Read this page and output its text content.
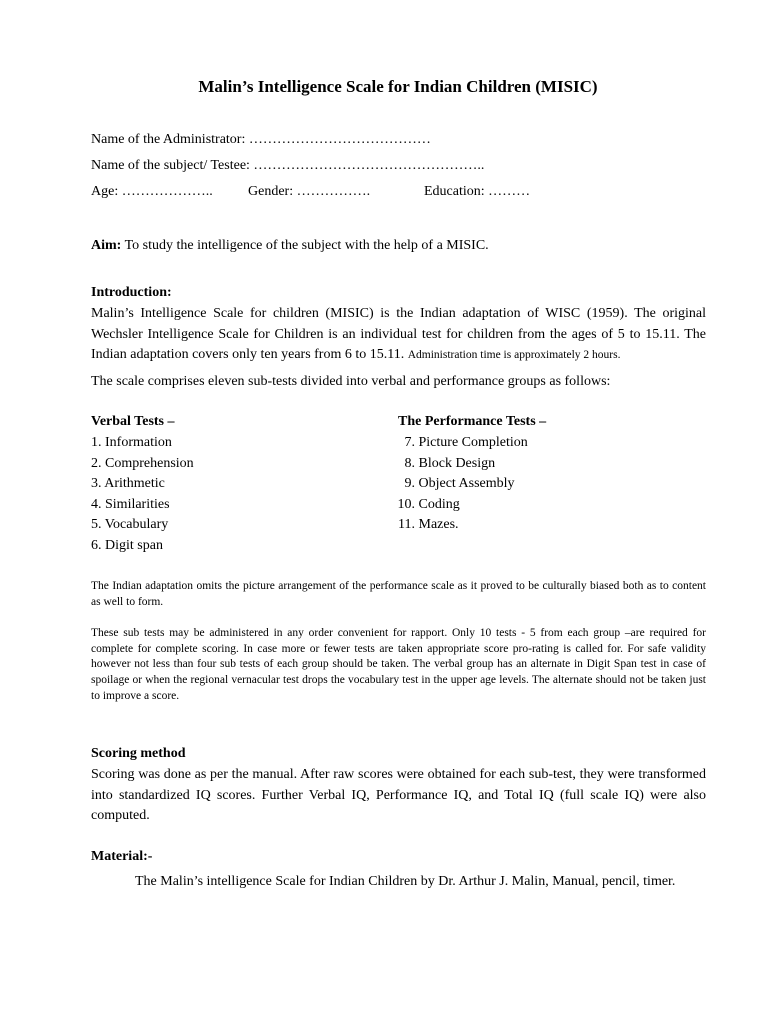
Malin’s Intelligence Scale for Indian Children (MISIC)
Name of the Administrator: …………………………………
Name of the subject/ Testee: …………………………………………..
Age: ………………..	Gender: …………….	Education: ………
Aim: To study the intelligence of the subject with the help of a MISIC.
Introduction:
Malin’s Intelligence Scale for children (MISIC) is the Indian adaptation of WISC (1959). The original Wechsler Intelligence Scale for Children is an individual test for children from the ages of 5 to 15.11. The Indian adaptation covers only ten years from 6 to 15.11. Administration time is approximately 2 hours.
The scale comprises eleven sub-tests divided into verbal and performance groups as follows:
Verbal Tests –
1. Information
2. Comprehension
3. Arithmetic
4. Similarities
5. Vocabulary
6. Digit span
The Performance Tests –
7. Picture Completion
8. Block Design
9. Object Assembly
10. Coding
11. Mazes.
The Indian adaptation omits the picture arrangement of the performance scale as it proved to be culturally biased both as to content as well to form.
These sub tests may be administered in any order convenient for rapport. Only 10 tests - 5 from each group –are required for complete for complete scoring. In case more or fewer tests are taken appropriate score pro-rating is called for. For safe validity however not less than four sub tests of each group should be taken. The verbal group has an alternate in Digit Span test in case of spoilage or when the regional vernacular test drops the vocabulary test in the upper age levels. The alternate should not be taken just to improve a score.
Scoring method
Scoring was done as per the manual. After raw scores were obtained for each sub-test, they were transformed into standardized IQ scores. Further Verbal IQ, Performance IQ, and Total IQ (full scale IQ) were also computed.
Material:-
The Malin’s intelligence Scale for Indian Children by Dr. Arthur J. Malin, Manual, pencil, timer.
